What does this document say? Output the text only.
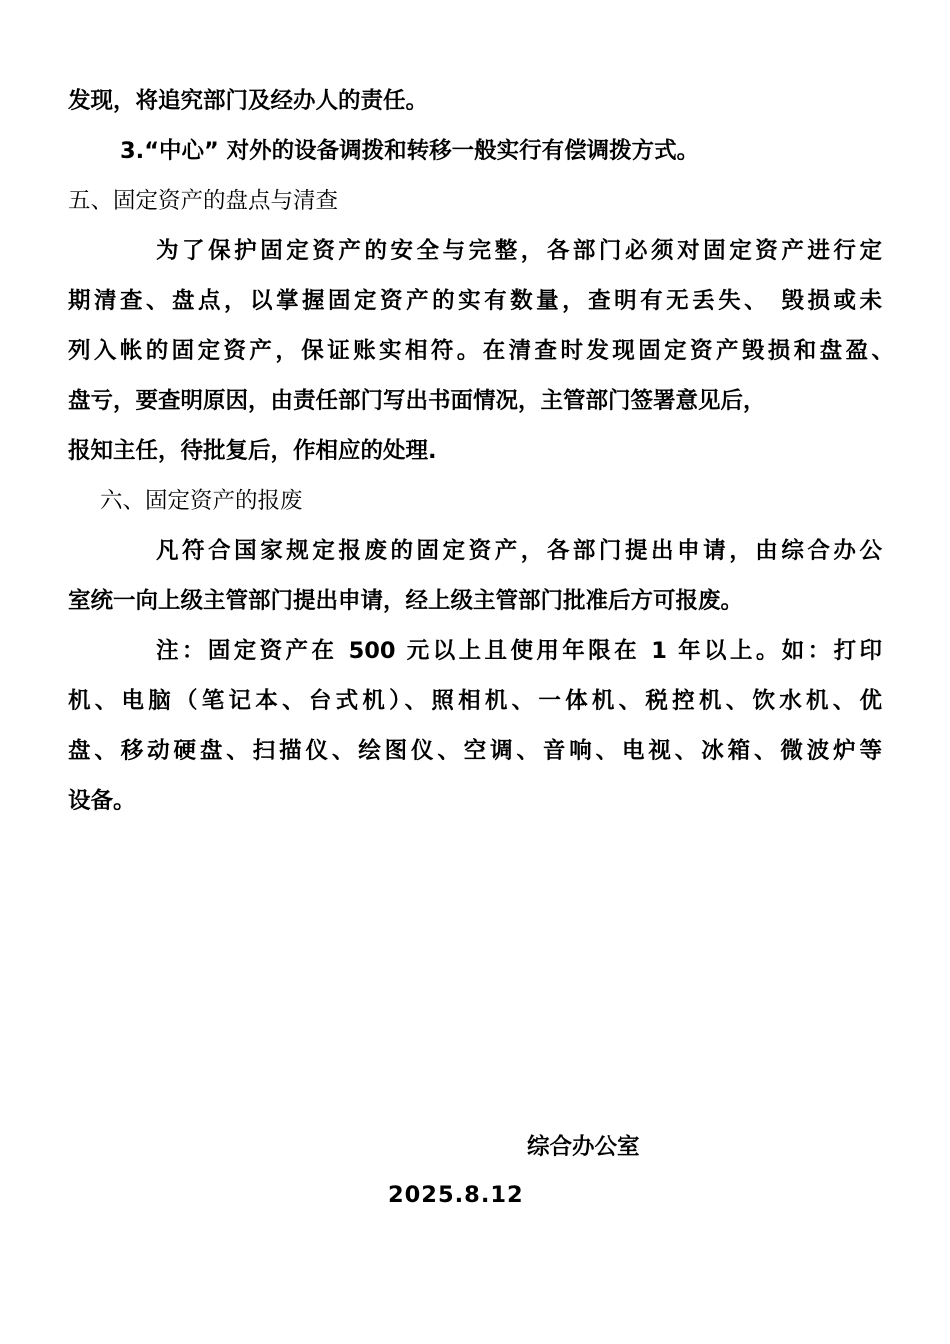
发现，将追究部门及经办人的责任。
3.“中心” 对外的设备调拨和转移一般实行有偿调拨方式。
五、固定资产的盘点与清查
为了保护固定资产的安全与完整，各部门必须对固定资产进行定
期清查、盘点，以掌握固定资产的实有数量，查明有无丢失、 毁损或未
列入帐的固定资产，保证账实相符。在清查时发现固定资产毁损和盘盈、
盘亏，要查明原因，由责任部门写出书面情况，主管部门签署意见后，
报知主任，待批复后，作相应的处理.
六、固定资产的报废
凡符合国家规定报废的固定资产，各部门提出申请，由综合办公
室统一向上级主管部门提出申请，经上级主管部门批准后方可报废。
注：固定资产在 500 元以上且使用年限在 1 年以上。如：打印
机、电脑（笔记本、台式机）、照相机、一体机、税控机、饮水机、优
盘、移动硬盘、扫描仪、绘图仪、空调、音响、电视、冰箱、微波炉等
设备。
综合办公室
2025.8.12
